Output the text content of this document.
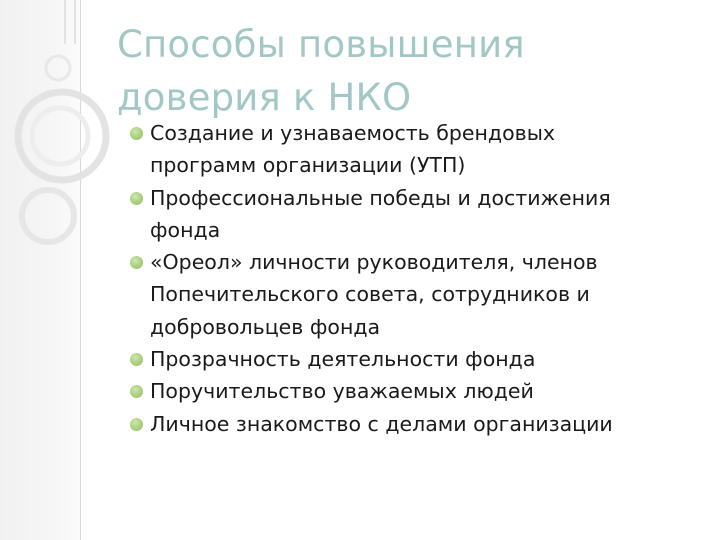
Способы повышения
доверия к НКО
Создание и узнаваемость брендовых
программ организации (УТП)
Профессиональные победы и достижения
фонда
«Ореол» личности руководителя, членов
Попечительского совета, сотрудников и
добровольцев фонда
Прозрачность деятельности фонда
Поручительство уважаемых людей
Личное знакомство с делами организации
